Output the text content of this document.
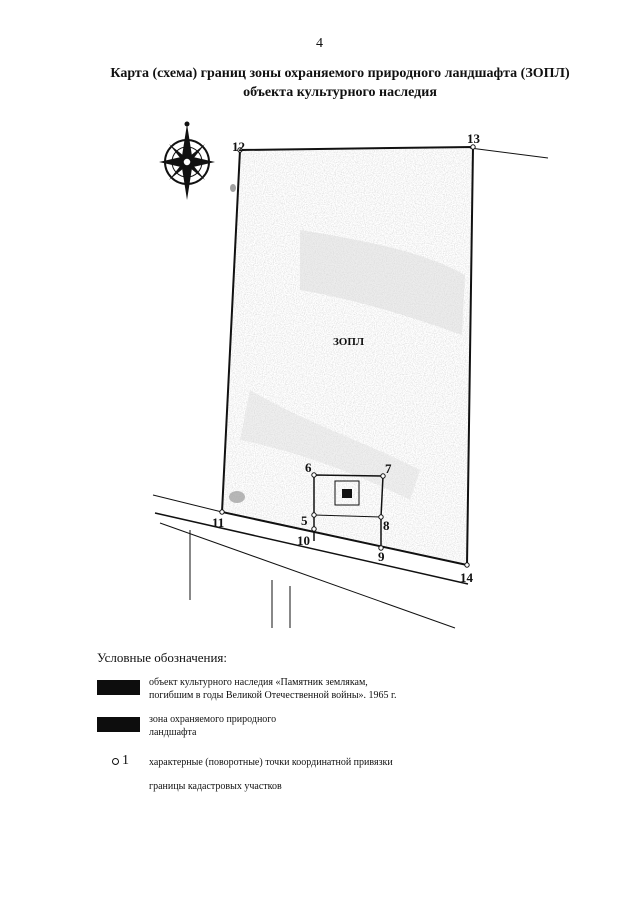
4
Карта (схема) границ зоны охраняемого природного ландшафта (ЗОПЛ)
объекта культурного наследия
12
13
14
11
6	7
5	8
9
10
ЗОПЛ
Условные обозначения:
объект культурного наследия «Памятник землякам,
погибшим в годы Великой Отечественной войны». 1965 г.
зона охраняемого природного
ландшафта
1 характерные (поворотные) точки координатной привязки
границы кадастровых участков
